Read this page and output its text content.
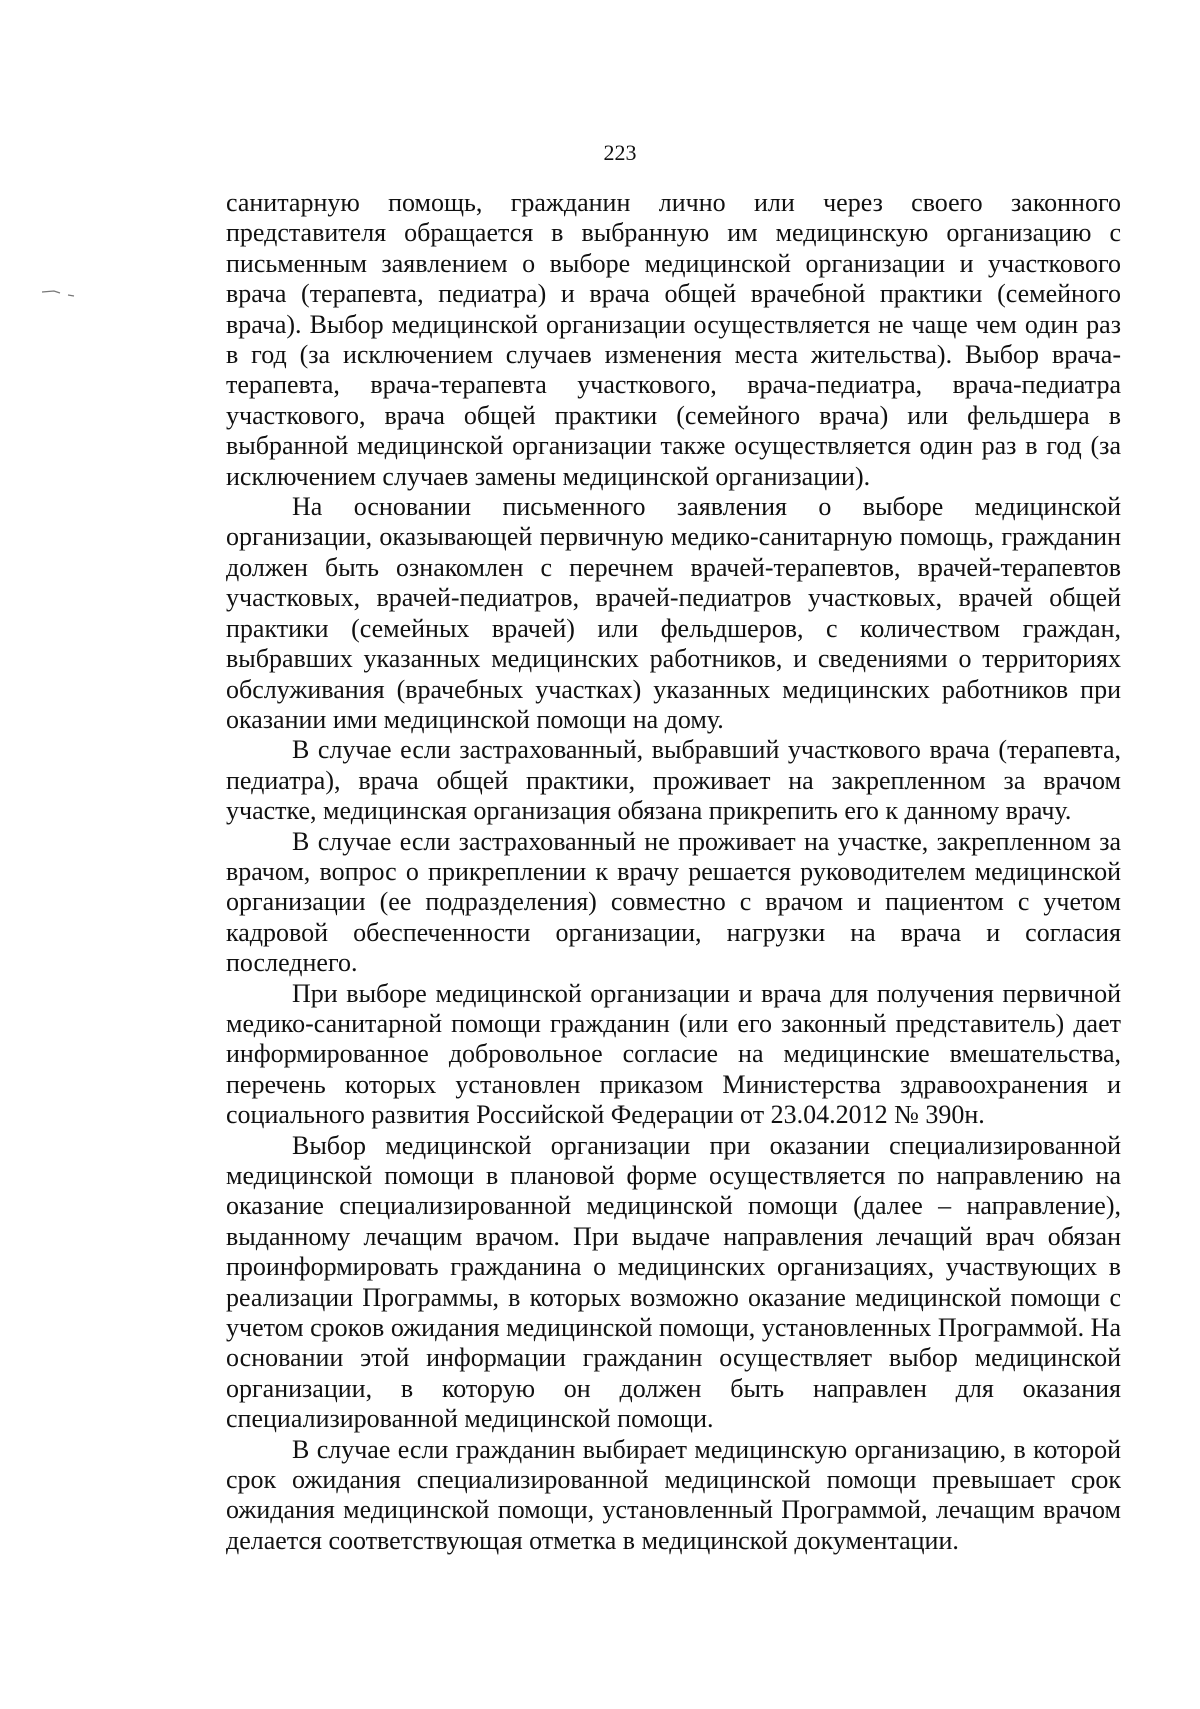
223

санитарную помощь, гражданин лично или через своего законного представителя обращается в выбранную им медицинскую организацию с письменным заявлением о выборе медицинской организации и участкового врача (терапевта, педиатра) и врача общей врачебной практики (семейного врача). Выбор медицинской организации осуществляется не чаще чем один раз в год (за исключением случаев изменения места жительства). Выбор врача-терапевта, врача-терапевта участкового, врача-педиатра, врача-педиатра участкового, врача общей практики (семейного врача) или фельдшера в выбранной медицинской организации также осуществляется один раз в год (за исключением случаев замены медицинской организации).

На основании письменного заявления о выборе медицинской организации, оказывающей первичную медико-санитарную помощь, гражданин должен быть ознакомлен с перечнем врачей-терапевтов, врачей-терапевтов участковых, врачей-педиатров, врачей-педиатров участковых, врачей общей практики (семейных врачей) или фельдшеров, с количеством граждан, выбравших указанных медицинских работников, и сведениями о территориях обслуживания (врачебных участках) указанных медицинских работников при оказании ими медицинской помощи на дому.

В случае если застрахованный, выбравший участкового врача (терапевта, педиатра), врача общей практики, проживает на закрепленном за врачом участке, медицинская организация обязана прикрепить его к данному врачу.

В случае если застрахованный не проживает на участке, закрепленном за врачом, вопрос о прикреплении к врачу решается руководителем медицинской организации (ее подразделения) совместно с врачом и пациентом с учетом кадровой обеспеченности организации, нагрузки на врача и согласия последнего.

При выборе медицинской организации и врача для получения первичной медико-санитарной помощи гражданин (или его законный представитель) дает информированное добровольное согласие на медицинские вмешательства, перечень которых установлен приказом Министерства здравоохранения и социального развития Российской Федерации от 23.04.2012 № 390н.

Выбор медицинской организации при оказании специализированной медицинской помощи в плановой форме осуществляется по направлению на оказание специализированной медицинской помощи (далее – направление), выданному лечащим врачом. При выдаче направления лечащий врач обязан проинформировать гражданина о медицинских организациях, участвующих в реализации Программы, в которых возможно оказание медицинской помощи с учетом сроков ожидания медицинской помощи, установленных Программой. На основании этой информации гражданин осуществляет выбор медицинской организации, в которую он должен быть направлен для оказания специализированной медицинской помощи.

В случае если гражданин выбирает медицинскую организацию, в которой срок ожидания специализированной медицинской помощи превышает срок ожидания медицинской помощи, установленный Программой, лечащим врачом делается соответствующая отметка в медицинской документации.
